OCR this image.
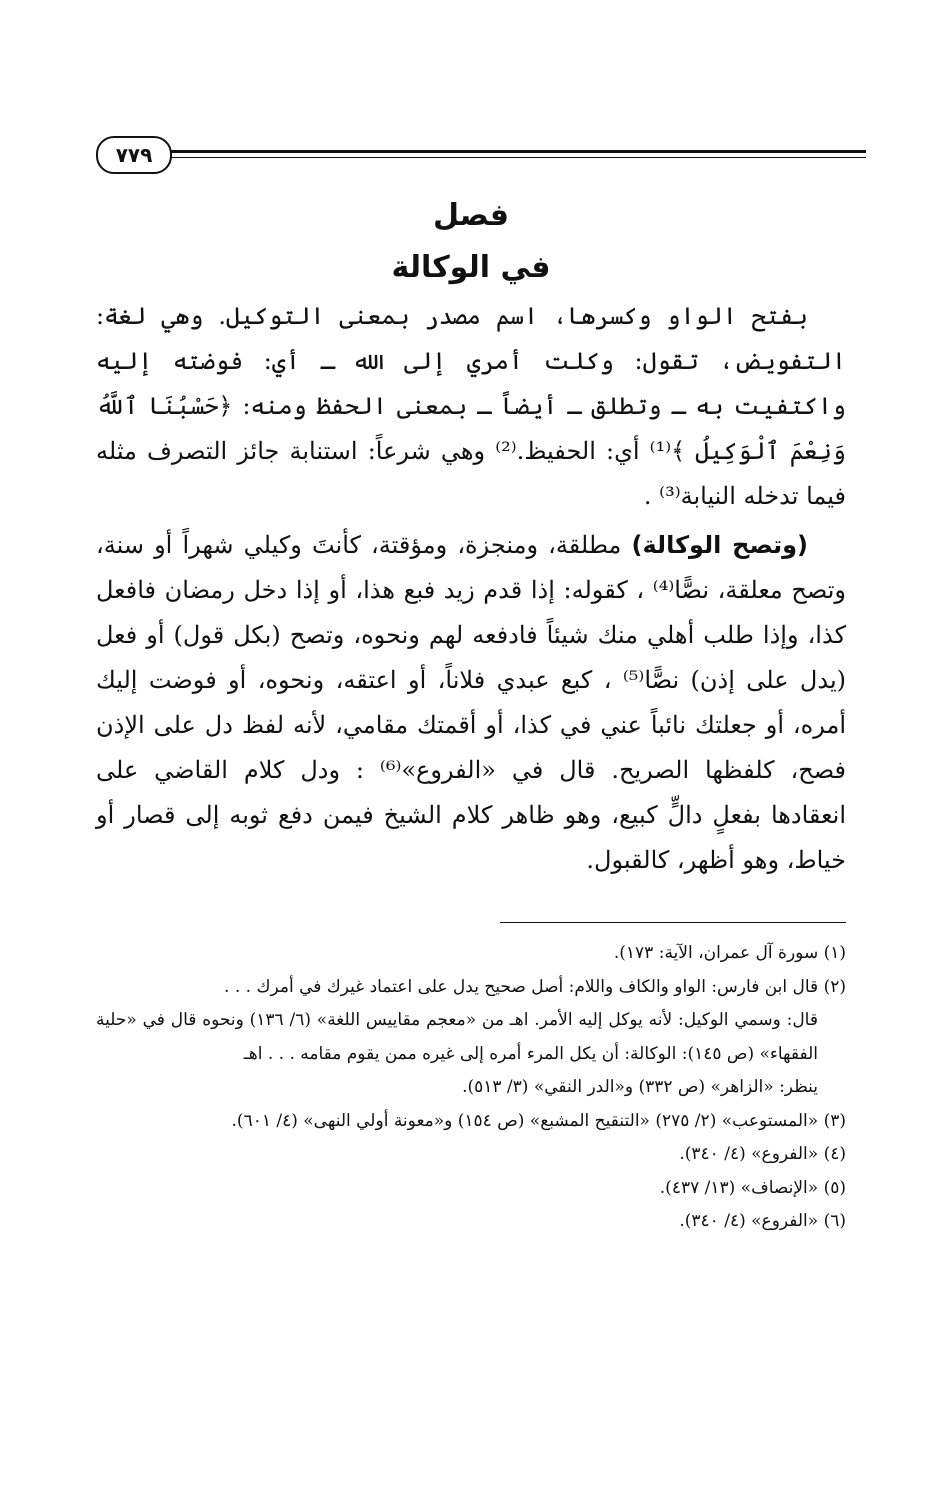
٧٧٩
فصل
في الوكالة

بفتح الواو وكسرها، اسم مصدر بمعنى التوكيل. وهي لغة: التفويض، تقول: وكلت أمري إلى الله ـ أي: فوضته إليه واكتفيت به ـ وتطلق ـ أيضاً ـ بمعنى الحفظ ومنه: ﴿حَسْبُنَا ٱللَّهُ وَنِعْمَ ٱلْوَكِيلُ ﴾⁽¹⁾ أي: الحفيظ.⁽²⁾ وهي شرعاً: استنابة جائز التصرف مثله فيما تدخله النيابة⁽³⁾ .

(وتصح الوكالة) مطلقة، ومنجزة، ومؤقتة، كأنتَ وكيلي شهراً أو سنة، وتصح معلقة، نصًّا⁽⁴⁾ ، كقوله: إذا قدم زيد فبع هذا، أو إذا دخل رمضان فافعل كذا، وإذا طلب أهلي منك شيئاً فادفعه لهم ونحوه، وتصح (بكل قول) أو فعل (يدل على إذن) نصًّا⁽⁵⁾ ، كبع عبدي فلاناً، أو اعتقه، ونحوه، أو فوضت إليك أمره، أو جعلتك نائباً عني في كذا، أو أقمتك مقامي، لأنه لفظ دل على الإذن فصح، كلفظها الصريح. قال في «الفروع»⁽⁶⁾ : ودل كلام القاضي على انعقادها بفعلٍ دالٍّ كبيع، وهو ظاهر كلام الشيخ فيمن دفع ثوبه إلى قصار أو خياط، وهو أظهر، كالقبول.

(١) سورة آل عمران، الآية: ١٧٣).

(٢) قال ابن فارس: الواو والكاف واللام: أصل صحيح يدل على اعتماد غيرك في أمرك . . .

قال: وسمي الوكيل: لأنه يوكل إليه الأمر. اهـ من «معجم مقاييس اللغة» (٦/ ١٣٦) ونحوه قال في «حلية الفقهاء» (ص ١٤٥): الوكالة: أن يكل المرء أمره إلى غيره ممن يقوم مقامه . . . اهـ

ينظر: «الزاهر» (ص ٣٣٢) و«الدر النقي» (٣/ ٥١٣).

(٣) «المستوعب» (٢/ ٢٧٥) «التنقيح المشبع» (ص ١٥٤) و«معونة أولي النهى» (٤/ ٦٠١).

(٤) «الفروع» (٤/ ٣٤٠).

(٥) «الإنصاف» (١٣/ ٤٣٧).

(٦) «الفروع» (٤/ ٣٤٠).
